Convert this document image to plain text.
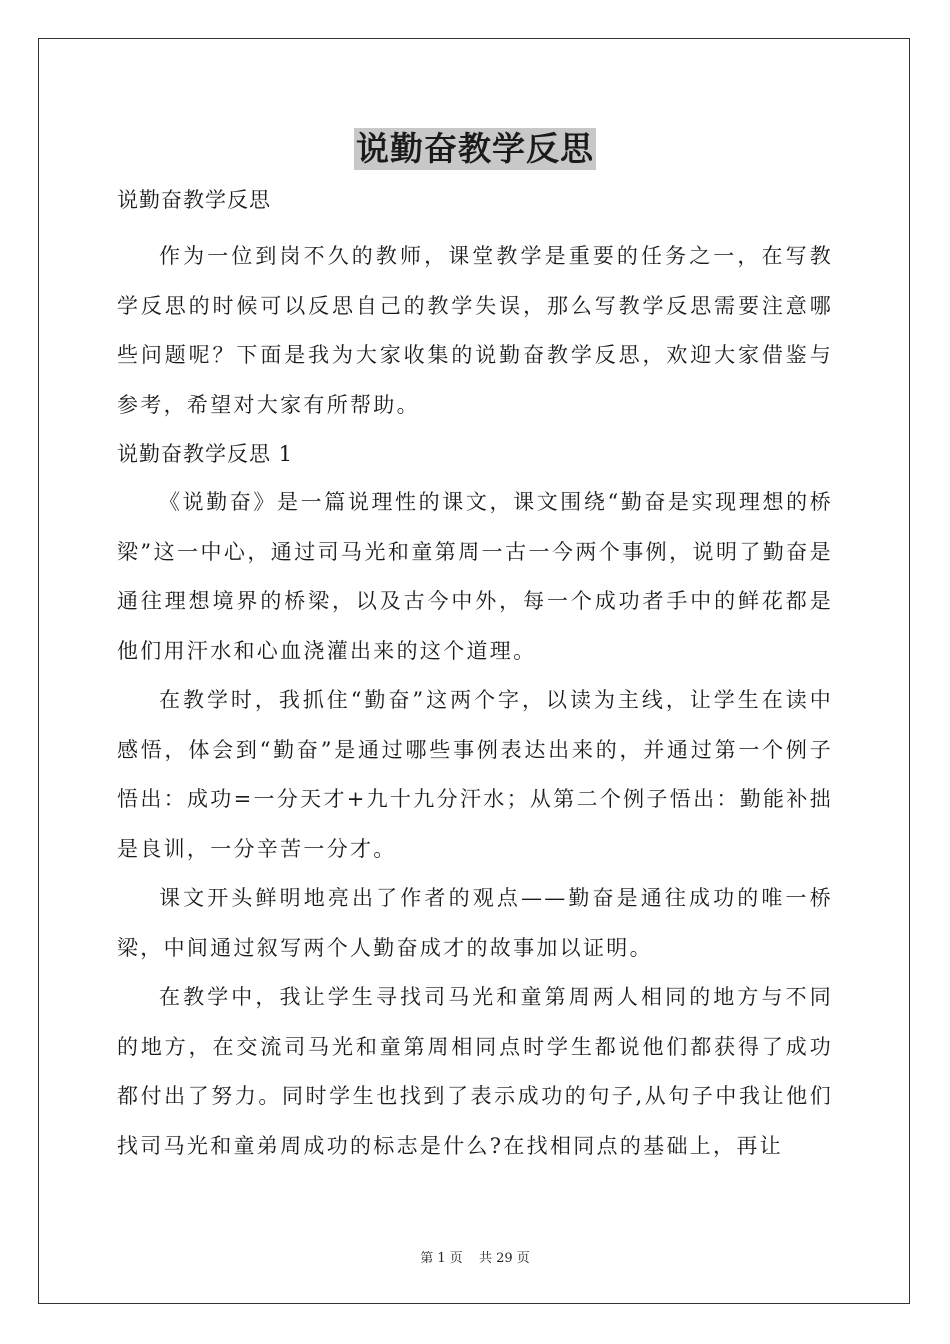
说勤奋教学反思

说勤奋教学反思

作为一位到岗不久的教师，课堂教学是重要的任务之一，在写教学反思的时候可以反思自己的教学失误，那么写教学反思需要注意哪些问题呢？下面是我为大家收集的说勤奋教学反思，欢迎大家借鉴与参考，希望对大家有所帮助。

说勤奋教学反思 1

《说勤奋》是一篇说理性的课文，课文围绕“勤奋是实现理想的桥梁”这一中心，通过司马光和童第周一古一今两个事例，说明了勤奋是通往理想境界的桥梁，以及古今中外，每一个成功者手中的鲜花都是他们用汗水和心血浇灌出来的这个道理。

在教学时，我抓住“勤奋”这两个字，以读为主线，让学生在读中感悟，体会到“勤奋”是通过哪些事例表达出来的，并通过第一个例子悟出：成功=一分天才+九十九分汗水；从第二个例子悟出：勤能补拙是良训，一分辛苦一分才。

课文开头鲜明地亮出了作者的观点——勤奋是通往成功的唯一桥梁，中间通过叙写两个人勤奋成才的故事加以证明。

在教学中，我让学生寻找司马光和童第周两人相同的地方与不同的地方，在交流司马光和童第周相同点时学生都说他们都获得了成功都付出了努力。同时学生也找到了表示成功的句子,从句子中我让他们找司马光和童弟周成功的标志是什么?在找相同点的基础上，再让

第 1 页 共 29 页
